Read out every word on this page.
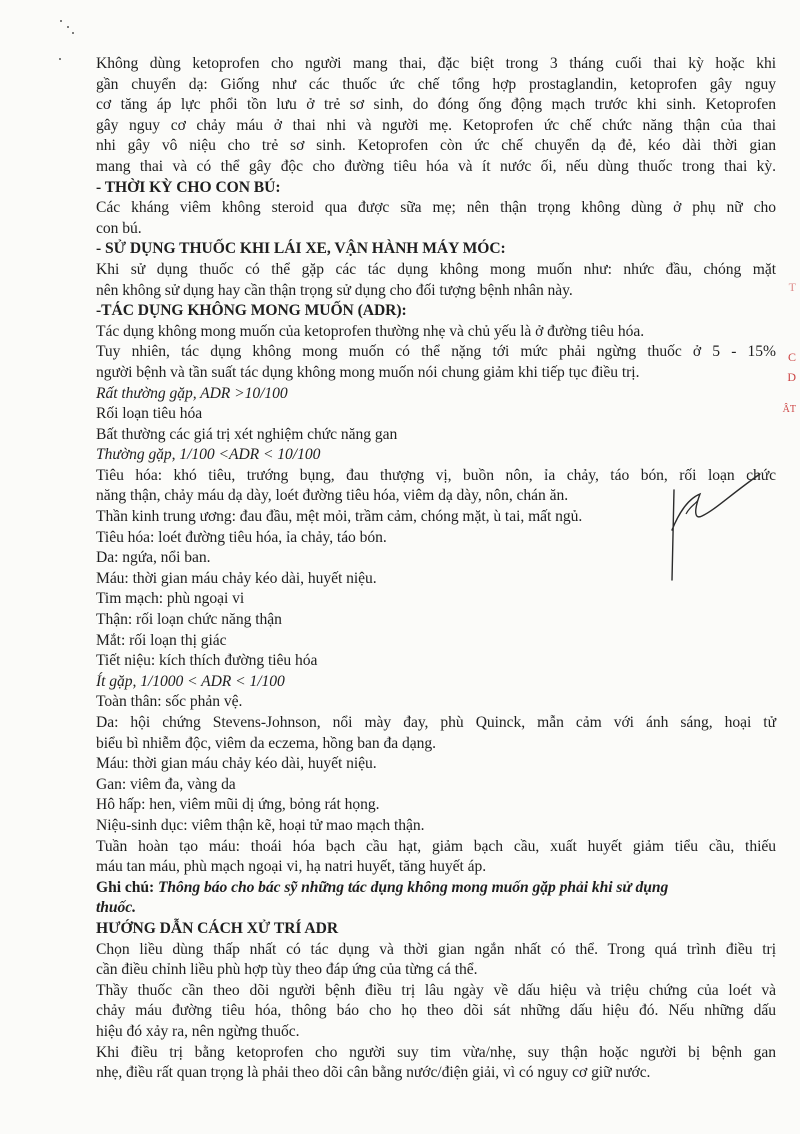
Không dùng ketoprofen cho người mang thai, đặc biệt trong 3 tháng cuối thai kỳ hoặc khi
gần chuyển dạ: Giống như các thuốc ức chế tổng hợp prostaglandin, ketoprofen gây nguy
cơ tăng áp lực phổi tồn lưu ở trẻ sơ sinh, do đóng ống động mạch trước khi sinh. Ketoprofen
gây nguy cơ chảy máu ở thai nhi và người mẹ. Ketoprofen ức chế chức năng thận của thai
nhi gây vô niệu cho trẻ sơ sinh. Ketoprofen còn ức chế chuyển dạ đẻ, kéo dài thời gian
mang thai và có thể gây độc cho đường tiêu hóa và ít nước ối, nếu dùng thuốc trong thai kỳ.
- THỜI KỲ CHO CON BÚ:
Các kháng viêm không steroid qua được sữa mẹ; nên thận trọng không dùng ở phụ nữ cho
con bú.
- SỬ DỤNG THUỐC KHI LÁI XE, VẬN HÀNH MÁY MÓC:
Khi sử dụng thuốc có thể gặp các tác dụng không mong muốn như: nhức đầu, chóng mặt
nên không sử dụng hay cần thận trọng sử dụng cho đối tượng bệnh nhân này.
-TÁC DỤNG KHÔNG MONG MUỐN (ADR):
Tác dụng không mong muốn của ketoprofen thường nhẹ và chủ yếu là ở đường tiêu hóa.
Tuy nhiên, tác dụng không mong muốn có thể nặng tới mức phải ngừng thuốc ở 5 - 15%
người bệnh và tần suất tác dụng không mong muốn nói chung giảm khi tiếp tục điều trị.
Rất thường gặp, ADR >10/100
Rối loạn tiêu hóa
Bất thường các giá trị xét nghiệm chức năng gan
Thường gặp, 1/100 <ADR < 10/100
Tiêu hóa: khó tiêu, trướng bụng, đau thượng vị, buồn nôn, ỉa chảy, táo bón, rối loạn chức
năng thận, chảy máu dạ dày, loét đường tiêu hóa, viêm dạ dày, nôn, chán ăn.
Thần kinh trung ương: đau đầu, mệt mỏi, trầm cảm, chóng mặt, ù tai, mất ngủ.
Tiêu hóa: loét đường tiêu hóa, ỉa chảy, táo bón.
Da: ngứa, nổi ban.
Máu: thời gian máu chảy kéo dài, huyết niệu.
Tim mạch: phù ngoại vi
Thận: rối loạn chức năng thận
Mắt: rối loạn thị giác
Tiết niệu: kích thích đường tiêu hóa
Ít gặp, 1/1000 < ADR < 1/100
Toàn thân: sốc phản vệ.
Da: hội chứng Stevens-Johnson, nổi mày đay, phù Quinck, mẫn cảm với ánh sáng, hoại tử
biểu bì nhiễm độc, viêm da eczema, hồng ban đa dạng.
Máu: thời gian máu chảy kéo dài, huyết niệu.
Gan: viêm đa, vàng da
Hô hấp: hen, viêm mũi dị ứng, bỏng rát họng.
Niệu-sinh dục: viêm thận kẽ, hoại tử mao mạch thận.
Tuần hoàn tạo máu: thoái hóa bạch cầu hạt, giảm bạch cầu, xuất huyết giảm tiểu cầu, thiếu
máu tan máu, phù mạch ngoại vi, hạ natri huyết, tăng huyết áp.
Ghi chú: Thông báo cho bác sỹ những tác dụng không mong muốn gặp phải khi sử dụng
thuốc.
HƯỚNG DẪN CÁCH XỬ TRÍ ADR
Chọn liều dùng thấp nhất có tác dụng và thời gian ngắn nhất có thể. Trong quá trình điều trị
cần điều chỉnh liều phù hợp tùy theo đáp ứng của từng cá thể.
Thầy thuốc cần theo dõi người bệnh điều trị lâu ngày về dấu hiệu và triệu chứng của loét và
chảy máu đường tiêu hóa, thông báo cho họ theo dõi sát những dấu hiệu đó. Nếu những dấu
hiệu đó xảy ra, nên ngừng thuốc.
Khi điều trị bằng ketoprofen cho người suy tim vừa/nhẹ, suy thận hoặc người bị bệnh gan
nhẹ, điều rất quan trọng là phải theo dõi cân bằng nước/điện giải, vì có nguy cơ giữ nước.
T
C
D
ÂT
